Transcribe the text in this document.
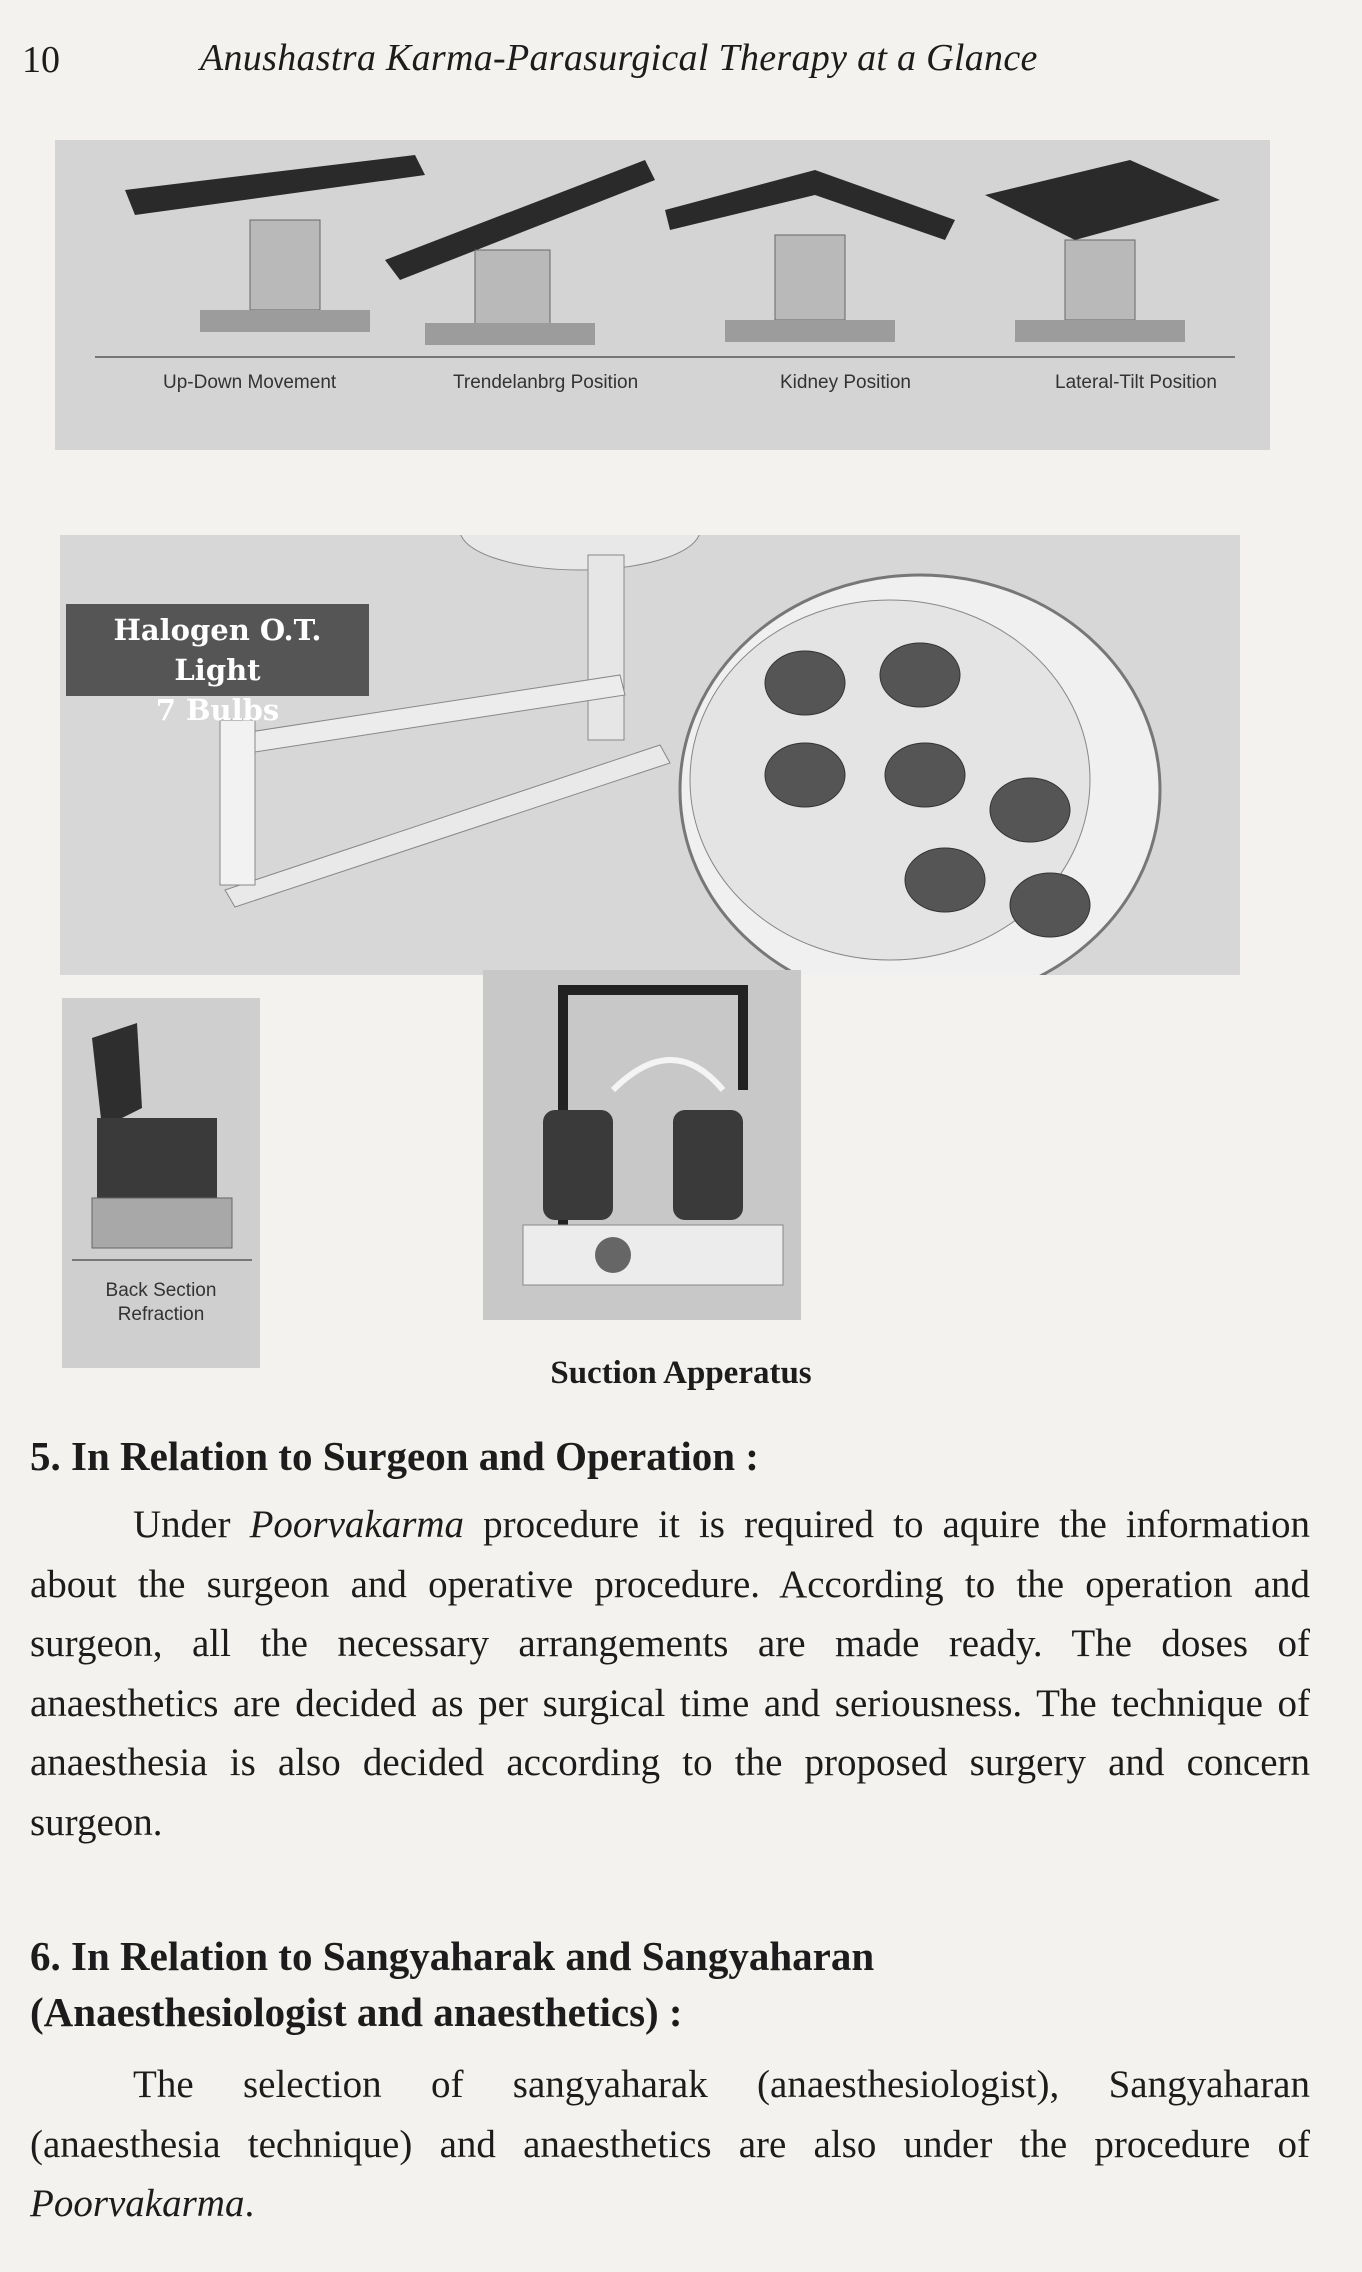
10	Anushastra Karma-Parasurgical Therapy at a Glance
Up-Down Movement	Trendelanbrg Position	Kidney Position	Lateral-Tilt Position
Halogen O.T. Light
7 Bulbs
Back Section
Refraction
Suction Apperatus
5. In Relation to Surgeon and Operation :

Under Poorvakarma procedure it is required to aquire the information about the surgeon and operative procedure. According to the operation and surgeon, all the necessary arrangements are made ready. The doses of anaesthetics are decided as per surgical time and seriousness. The technique of anaesthesia is also decided according to the proposed surgery and concern surgeon.

6. In Relation to Sangyaharak and Sangyaharan
(Anaesthesiologist and anaesthetics) :

The selection of sangyaharak (anaesthesiologist), Sangyaharan (anaesthesia technique) and anaesthetics are also under the procedure of Poorvakarma.
